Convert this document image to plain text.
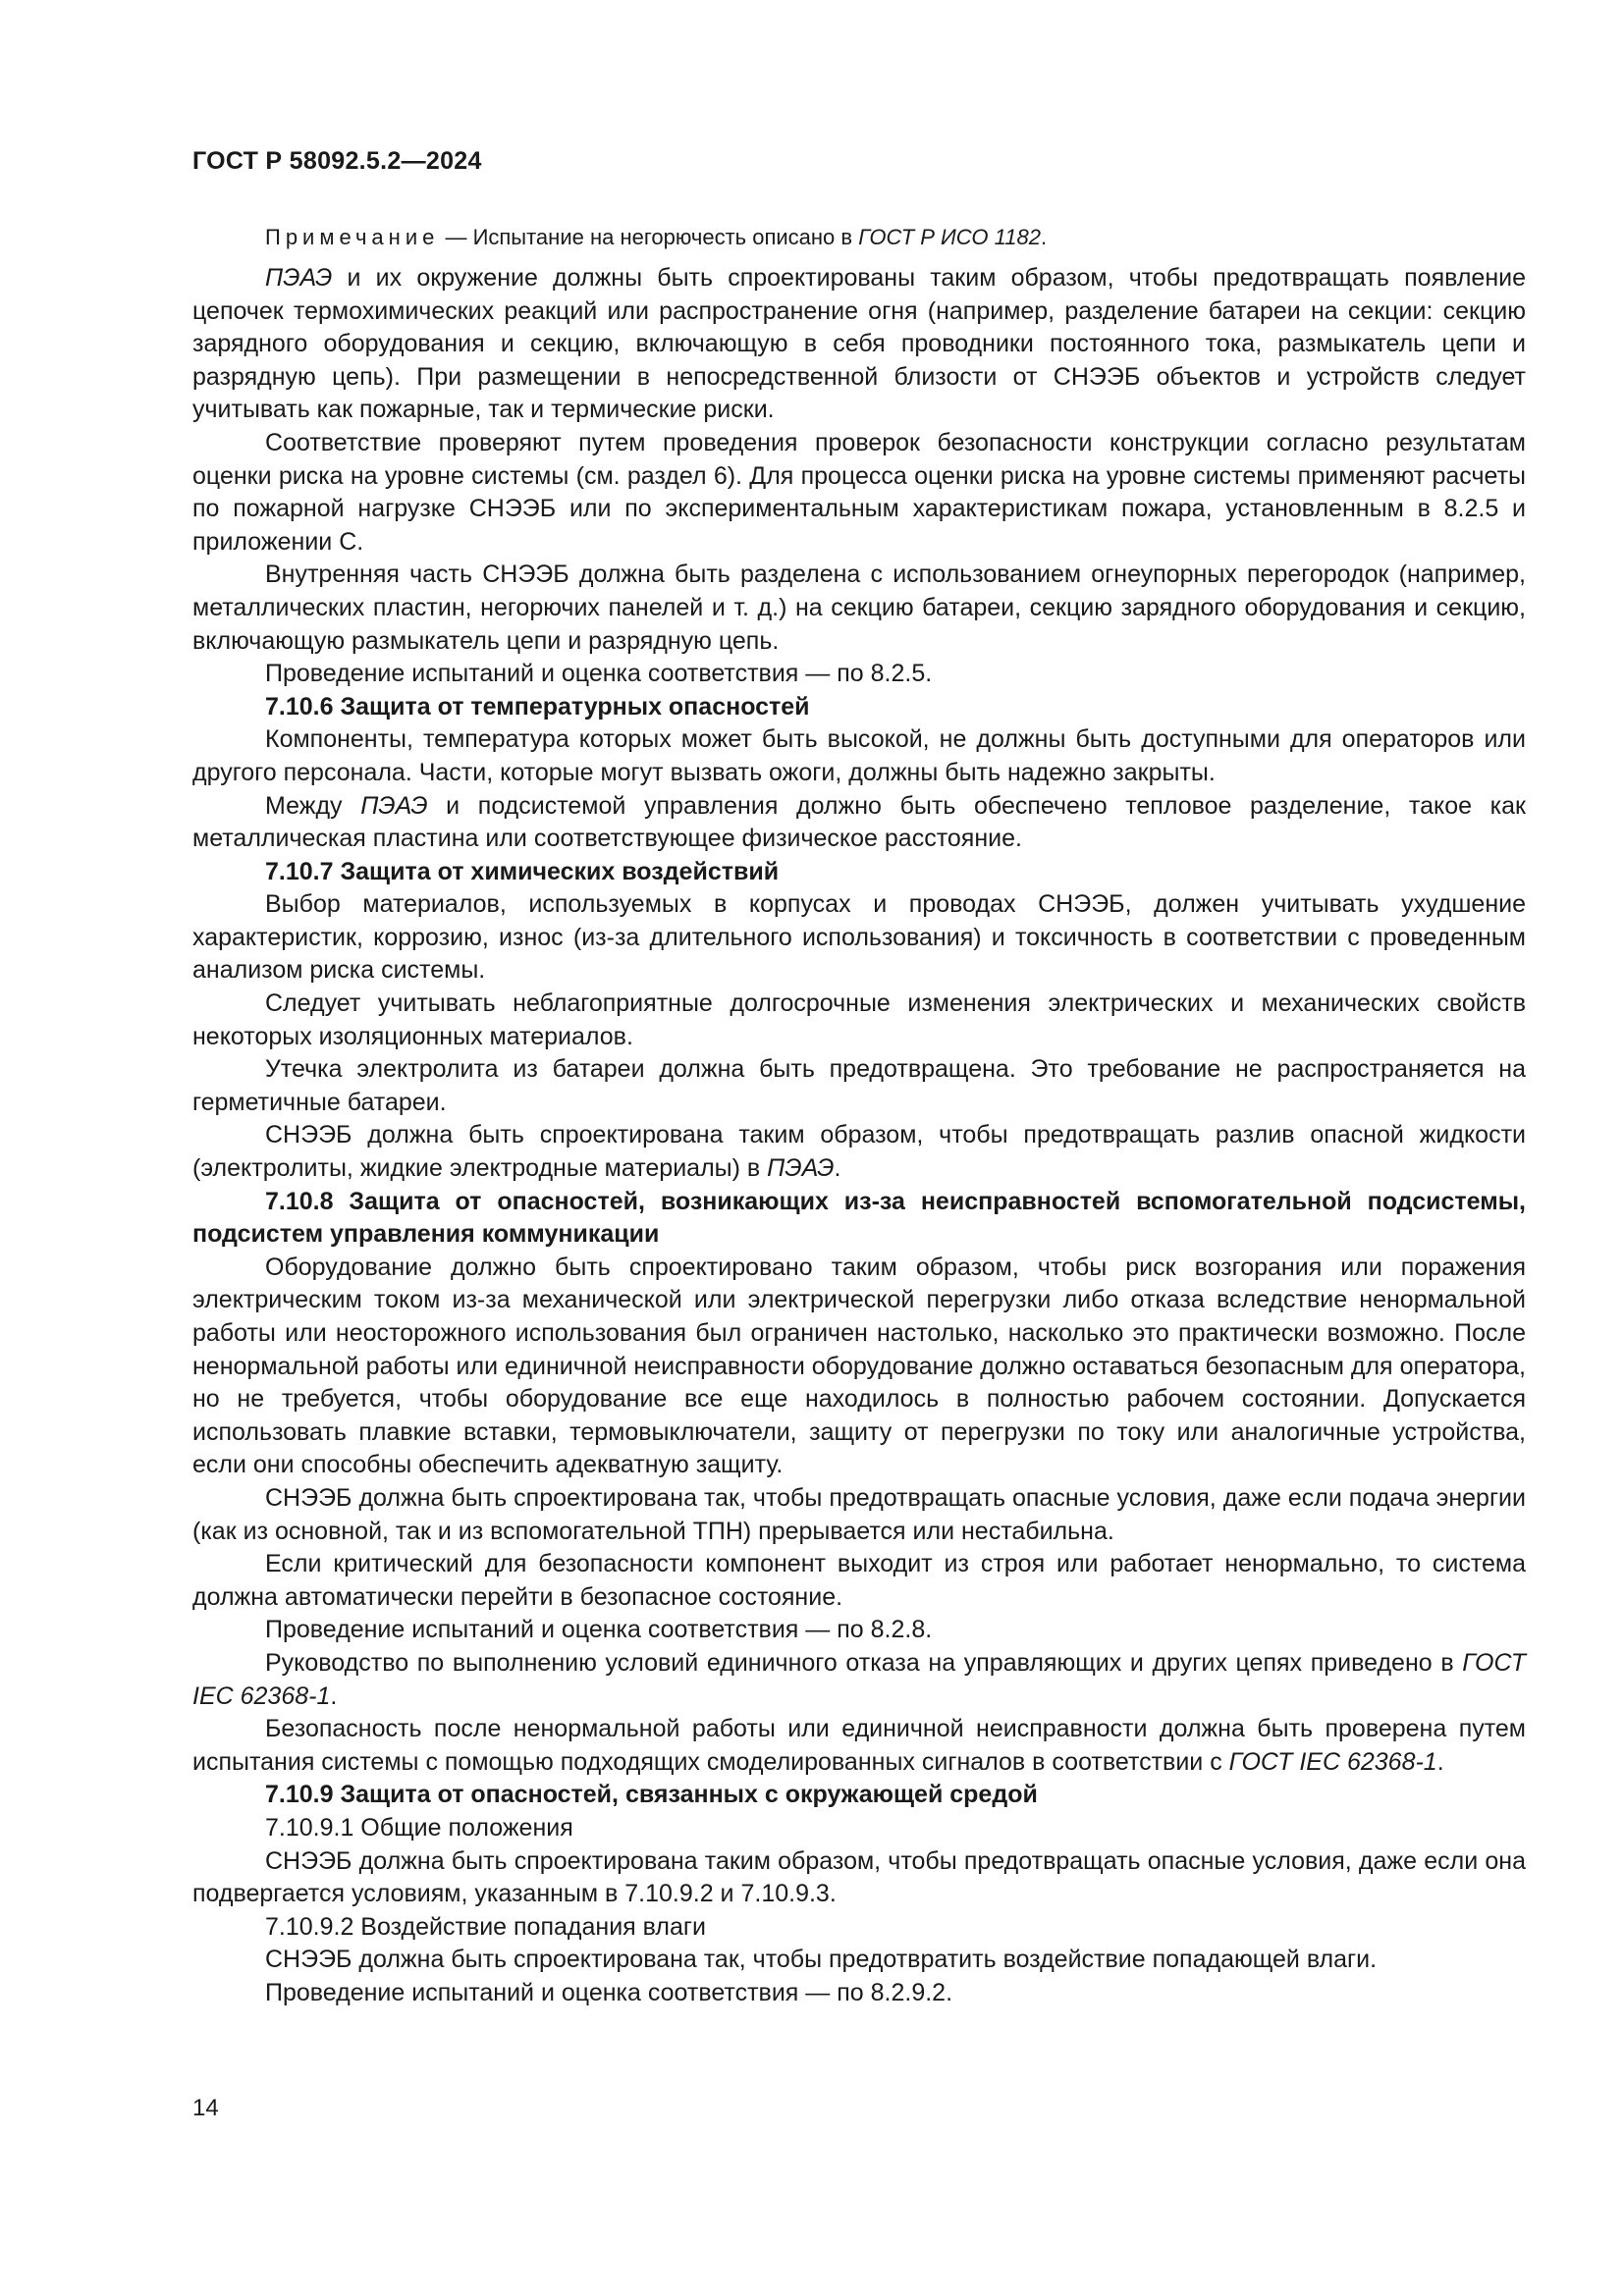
ГОСТ Р 58092.5.2—2024
Примечание — Испытание на негорючесть описано в ГОСТ Р ИСО 1182.

ПЭАЭ и их окружение должны быть спроектированы таким образом, чтобы предотвращать появление цепочек термохимических реакций или распространение огня (например, разделение батареи на секции: секцию зарядного оборудования и секцию, включающую в себя проводники постоянного тока, размыкатель цепи и разрядную цепь). При размещении в непосредственной близости от СНЭЭБ объектов и устройств следует учитывать как пожарные, так и термические риски.

Соответствие проверяют путем проведения проверок безопасности конструкции согласно результатам оценки риска на уровне системы (см. раздел 6). Для процесса оценки риска на уровне системы применяют расчеты по пожарной нагрузке СНЭЭБ или по экспериментальным характеристикам пожара, установленным в 8.2.5 и приложении С.

Внутренняя часть СНЭЭБ должна быть разделена с использованием огнеупорных перегородок (например, металлических пластин, негорючих панелей и т. д.) на секцию батареи, секцию зарядного оборудования и секцию, включающую размыкатель цепи и разрядную цепь.

Проведение испытаний и оценка соответствия — по 8.2.5.

7.10.6 Защита от температурных опасностей

Компоненты, температура которых может быть высокой, не должны быть доступными для операторов или другого персонала. Части, которые могут вызвать ожоги, должны быть надежно закрыты.

Между ПЭАЭ и подсистемой управления должно быть обеспечено тепловое разделение, такое как металлическая пластина или соответствующее физическое расстояние.

7.10.7 Защита от химических воздействий

Выбор материалов, используемых в корпусах и проводах СНЭЭБ, должен учитывать ухудшение характеристик, коррозию, износ (из-за длительного использования) и токсичность в соответствии с проведенным анализом риска системы.

Следует учитывать неблагоприятные долгосрочные изменения электрических и механических свойств некоторых изоляционных материалов.

Утечка электролита из батареи должна быть предотвращена. Это требование не распространяется на герметичные батареи.

СНЭЭБ должна быть спроектирована таким образом, чтобы предотвращать разлив опасной жидкости (электролиты, жидкие электродные материалы) в ПЭАЭ.

7.10.8 Защита от опасностей, возникающих из-за неисправностей вспомогательной подсистемы, подсистем управления коммуникации

Оборудование должно быть спроектировано таким образом, чтобы риск возгорания или поражения электрическим током из-за механической или электрической перегрузки либо отказа вследствие ненормальной работы или неосторожного использования был ограничен настолько, насколько это практически возможно. После ненормальной работы или единичной неисправности оборудование должно оставаться безопасным для оператора, но не требуется, чтобы оборудование все еще находилось в полностью рабочем состоянии. Допускается использовать плавкие вставки, термовыключатели, защиту от перегрузки по току или аналогичные устройства, если они способны обеспечить адекватную защиту.

СНЭЭБ должна быть спроектирована так, чтобы предотвращать опасные условия, даже если подача энергии (как из основной, так и из вспомогательной ТПН) прерывается или нестабильна.

Если критический для безопасности компонент выходит из строя или работает ненормально, то система должна автоматически перейти в безопасное состояние.

Проведение испытаний и оценка соответствия — по 8.2.8.

Руководство по выполнению условий единичного отказа на управляющих и других цепях приведено в ГОСТ IEC 62368-1.

Безопасность после ненормальной работы или единичной неисправности должна быть проверена путем испытания системы с помощью подходящих смоделированных сигналов в соответствии с ГОСТ IEC 62368-1.

7.10.9 Защита от опасностей, связанных с окружающей средой

7.10.9.1 Общие положения

СНЭЭБ должна быть спроектирована таким образом, чтобы предотвращать опасные условия, даже если она подвергается условиям, указанным в 7.10.9.2 и 7.10.9.3.

7.10.9.2 Воздействие попадания влаги

СНЭЭБ должна быть спроектирована так, чтобы предотвратить воздействие попадающей влаги.

Проведение испытаний и оценка соответствия — по 8.2.9.2.

14
